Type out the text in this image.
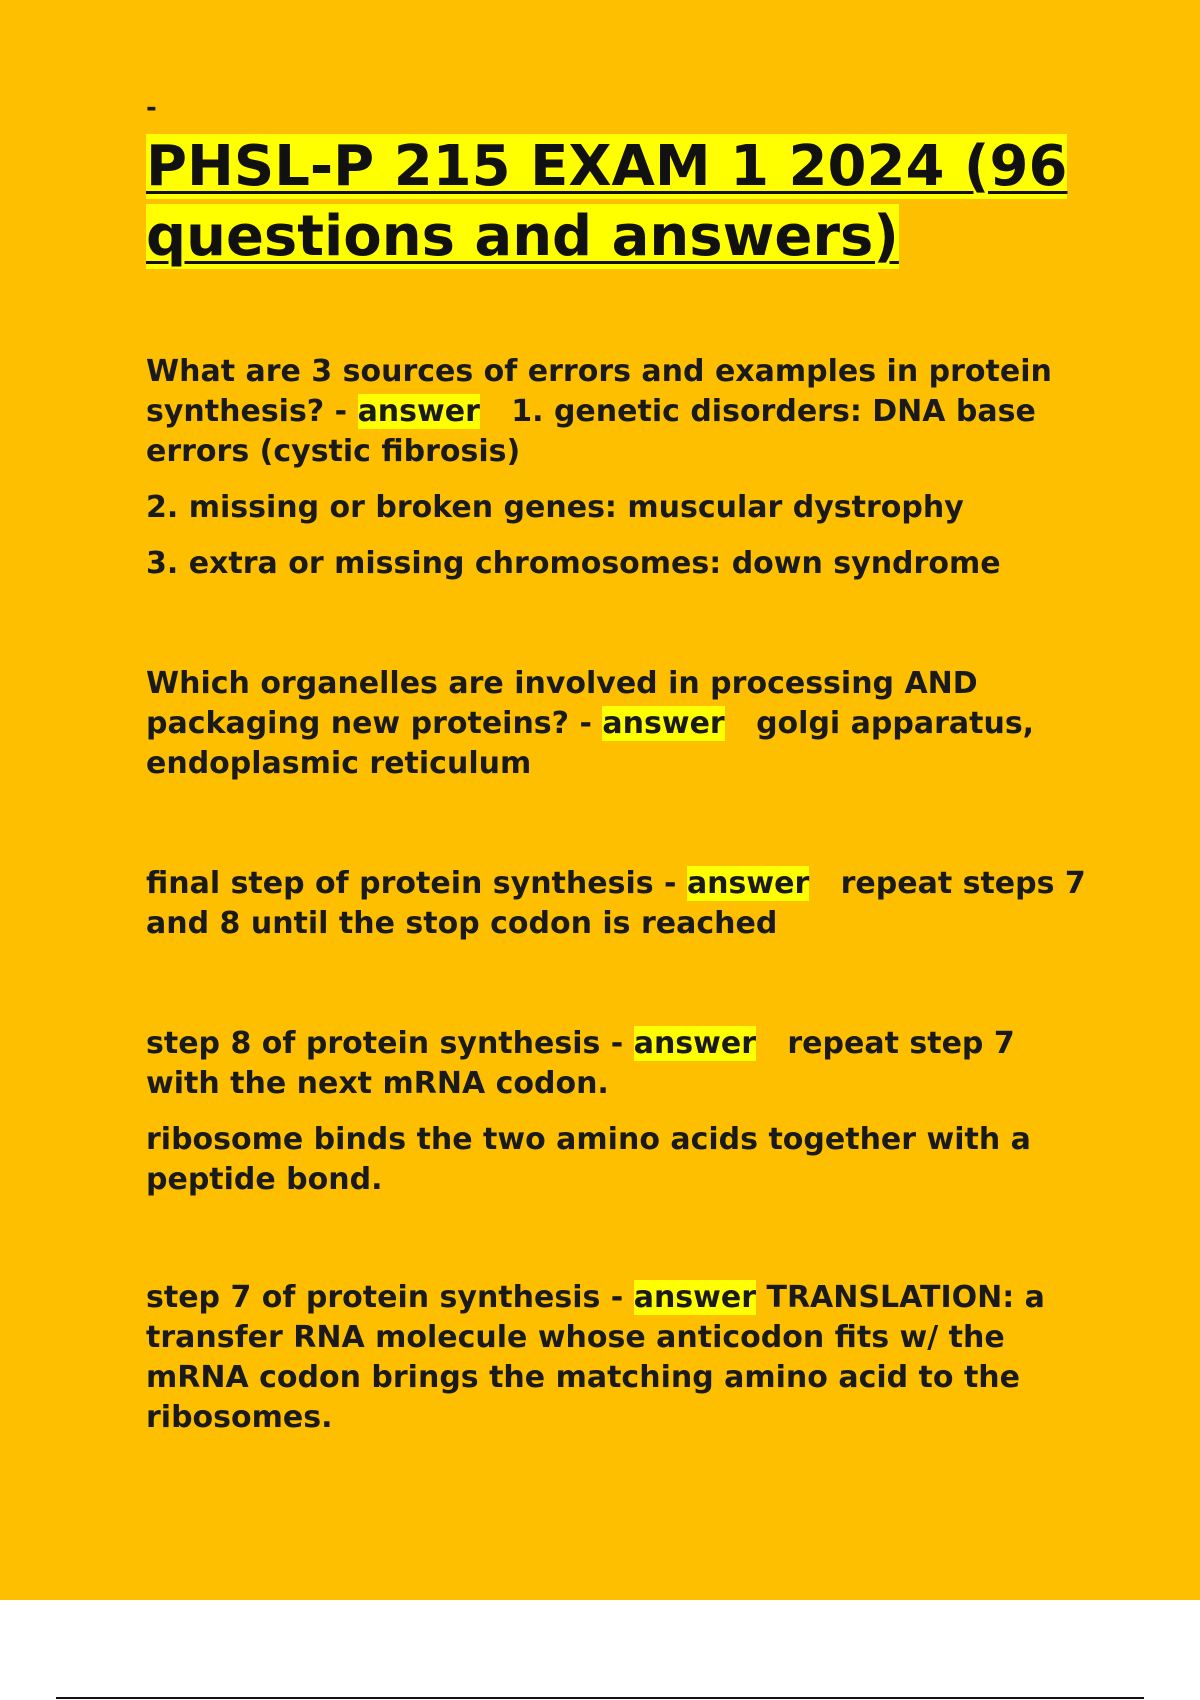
-
PHSL-P 215 EXAM 1 2024 (96 questions and answers)

What are 3 sources of errors and examples in protein synthesis? - answer 1. genetic disorders: DNA base errors (cystic fibrosis)

2. missing or broken genes: muscular dystrophy

3. extra or missing chromosomes: down syndrome

Which organelles are involved in processing AND packaging new proteins? - answer golgi apparatus, endoplasmic reticulum

final step of protein synthesis - answer repeat steps 7 and 8 until the stop codon is reached

step 8 of protein synthesis - answer repeat step 7 with the next mRNA codon.

ribosome binds the two amino acids together with a peptide bond.

step 7 of protein synthesis - answer TRANSLATION: a transfer RNA molecule whose anticodon fits w/ the mRNA codon brings the matching amino acid to the ribosomes.
